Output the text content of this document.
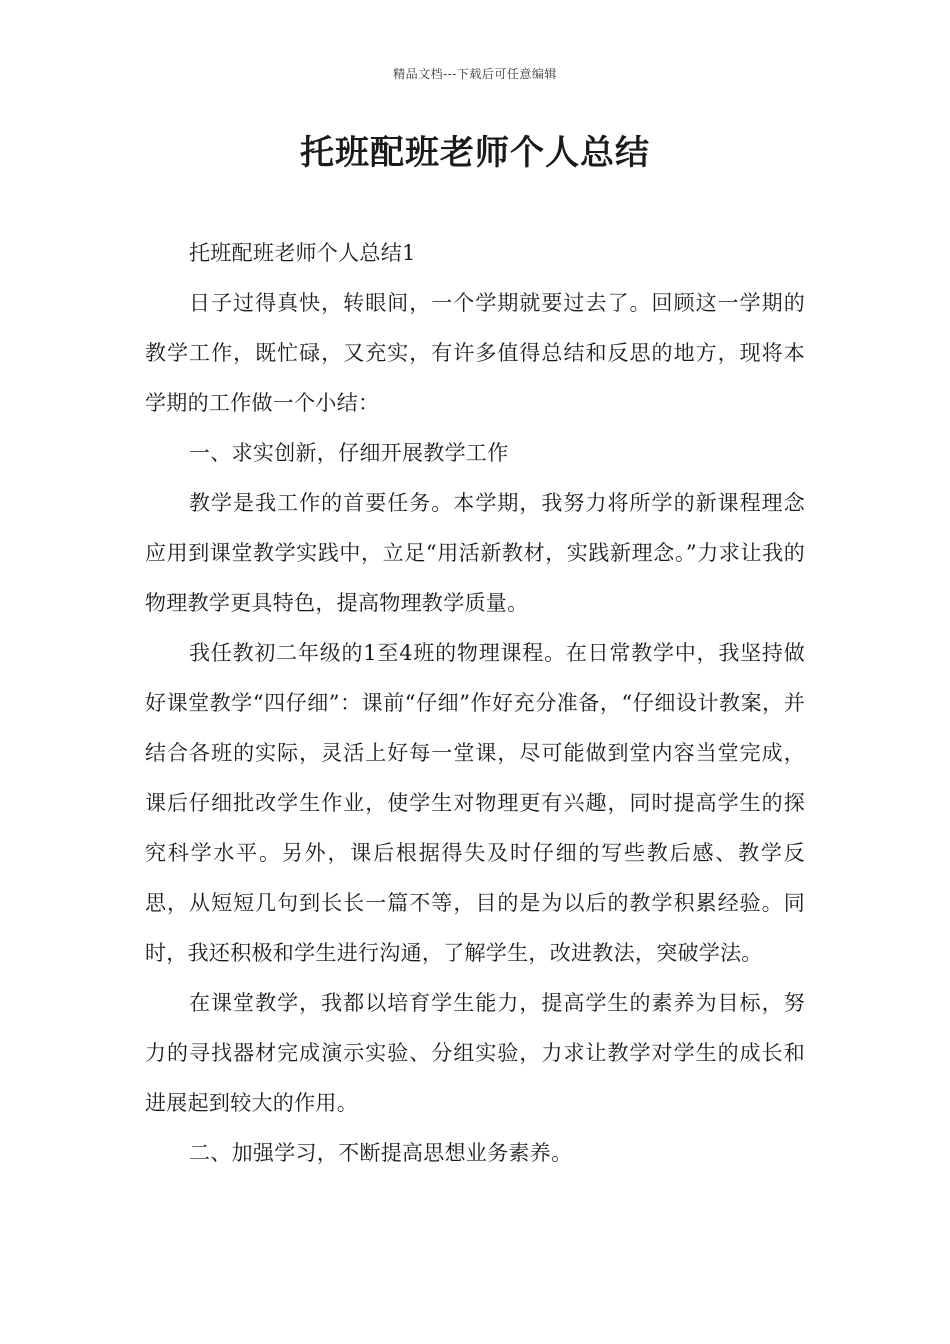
精品文档---下载后可任意编辑
托班配班老师个人总结

托班配班老师个人总结1

日子过得真快，转眼间，一个学期就要过去了。回顾这一学期的教学工作，既忙碌，又充实，有许多值得总结和反思的地方，现将本学期的工作做一个小结：

一、求实创新，仔细开展教学工作

教学是我工作的首要任务。本学期，我努力将所学的新课程理念应用到课堂教学实践中，立足“用活新教材，实践新理念。”力求让我的物理教学更具特色，提高物理教学质量。

我任教初二年级的1至4班的物理课程。在日常教学中，我坚持做好课堂教学“四仔细”：课前“仔细”作好充分准备，“仔细设计教案，并结合各班的实际，灵活上好每一堂课，尽可能做到堂内容当堂完成，课后仔细批改学生作业，使学生对物理更有兴趣，同时提高学生的探究科学水平。另外，课后根据得失及时仔细的写些教后感、教学反思，从短短几句到长长一篇不等，目的是为以后的教学积累经验。同时，我还积极和学生进行沟通，了解学生，改进教法，突破学法。

在课堂教学，我都以培育学生能力，提高学生的素养为目标，努力的寻找器材完成演示实验、分组实验，力求让教学对学生的成长和进展起到较大的作用。

二、加强学习，不断提高思想业务素养。
